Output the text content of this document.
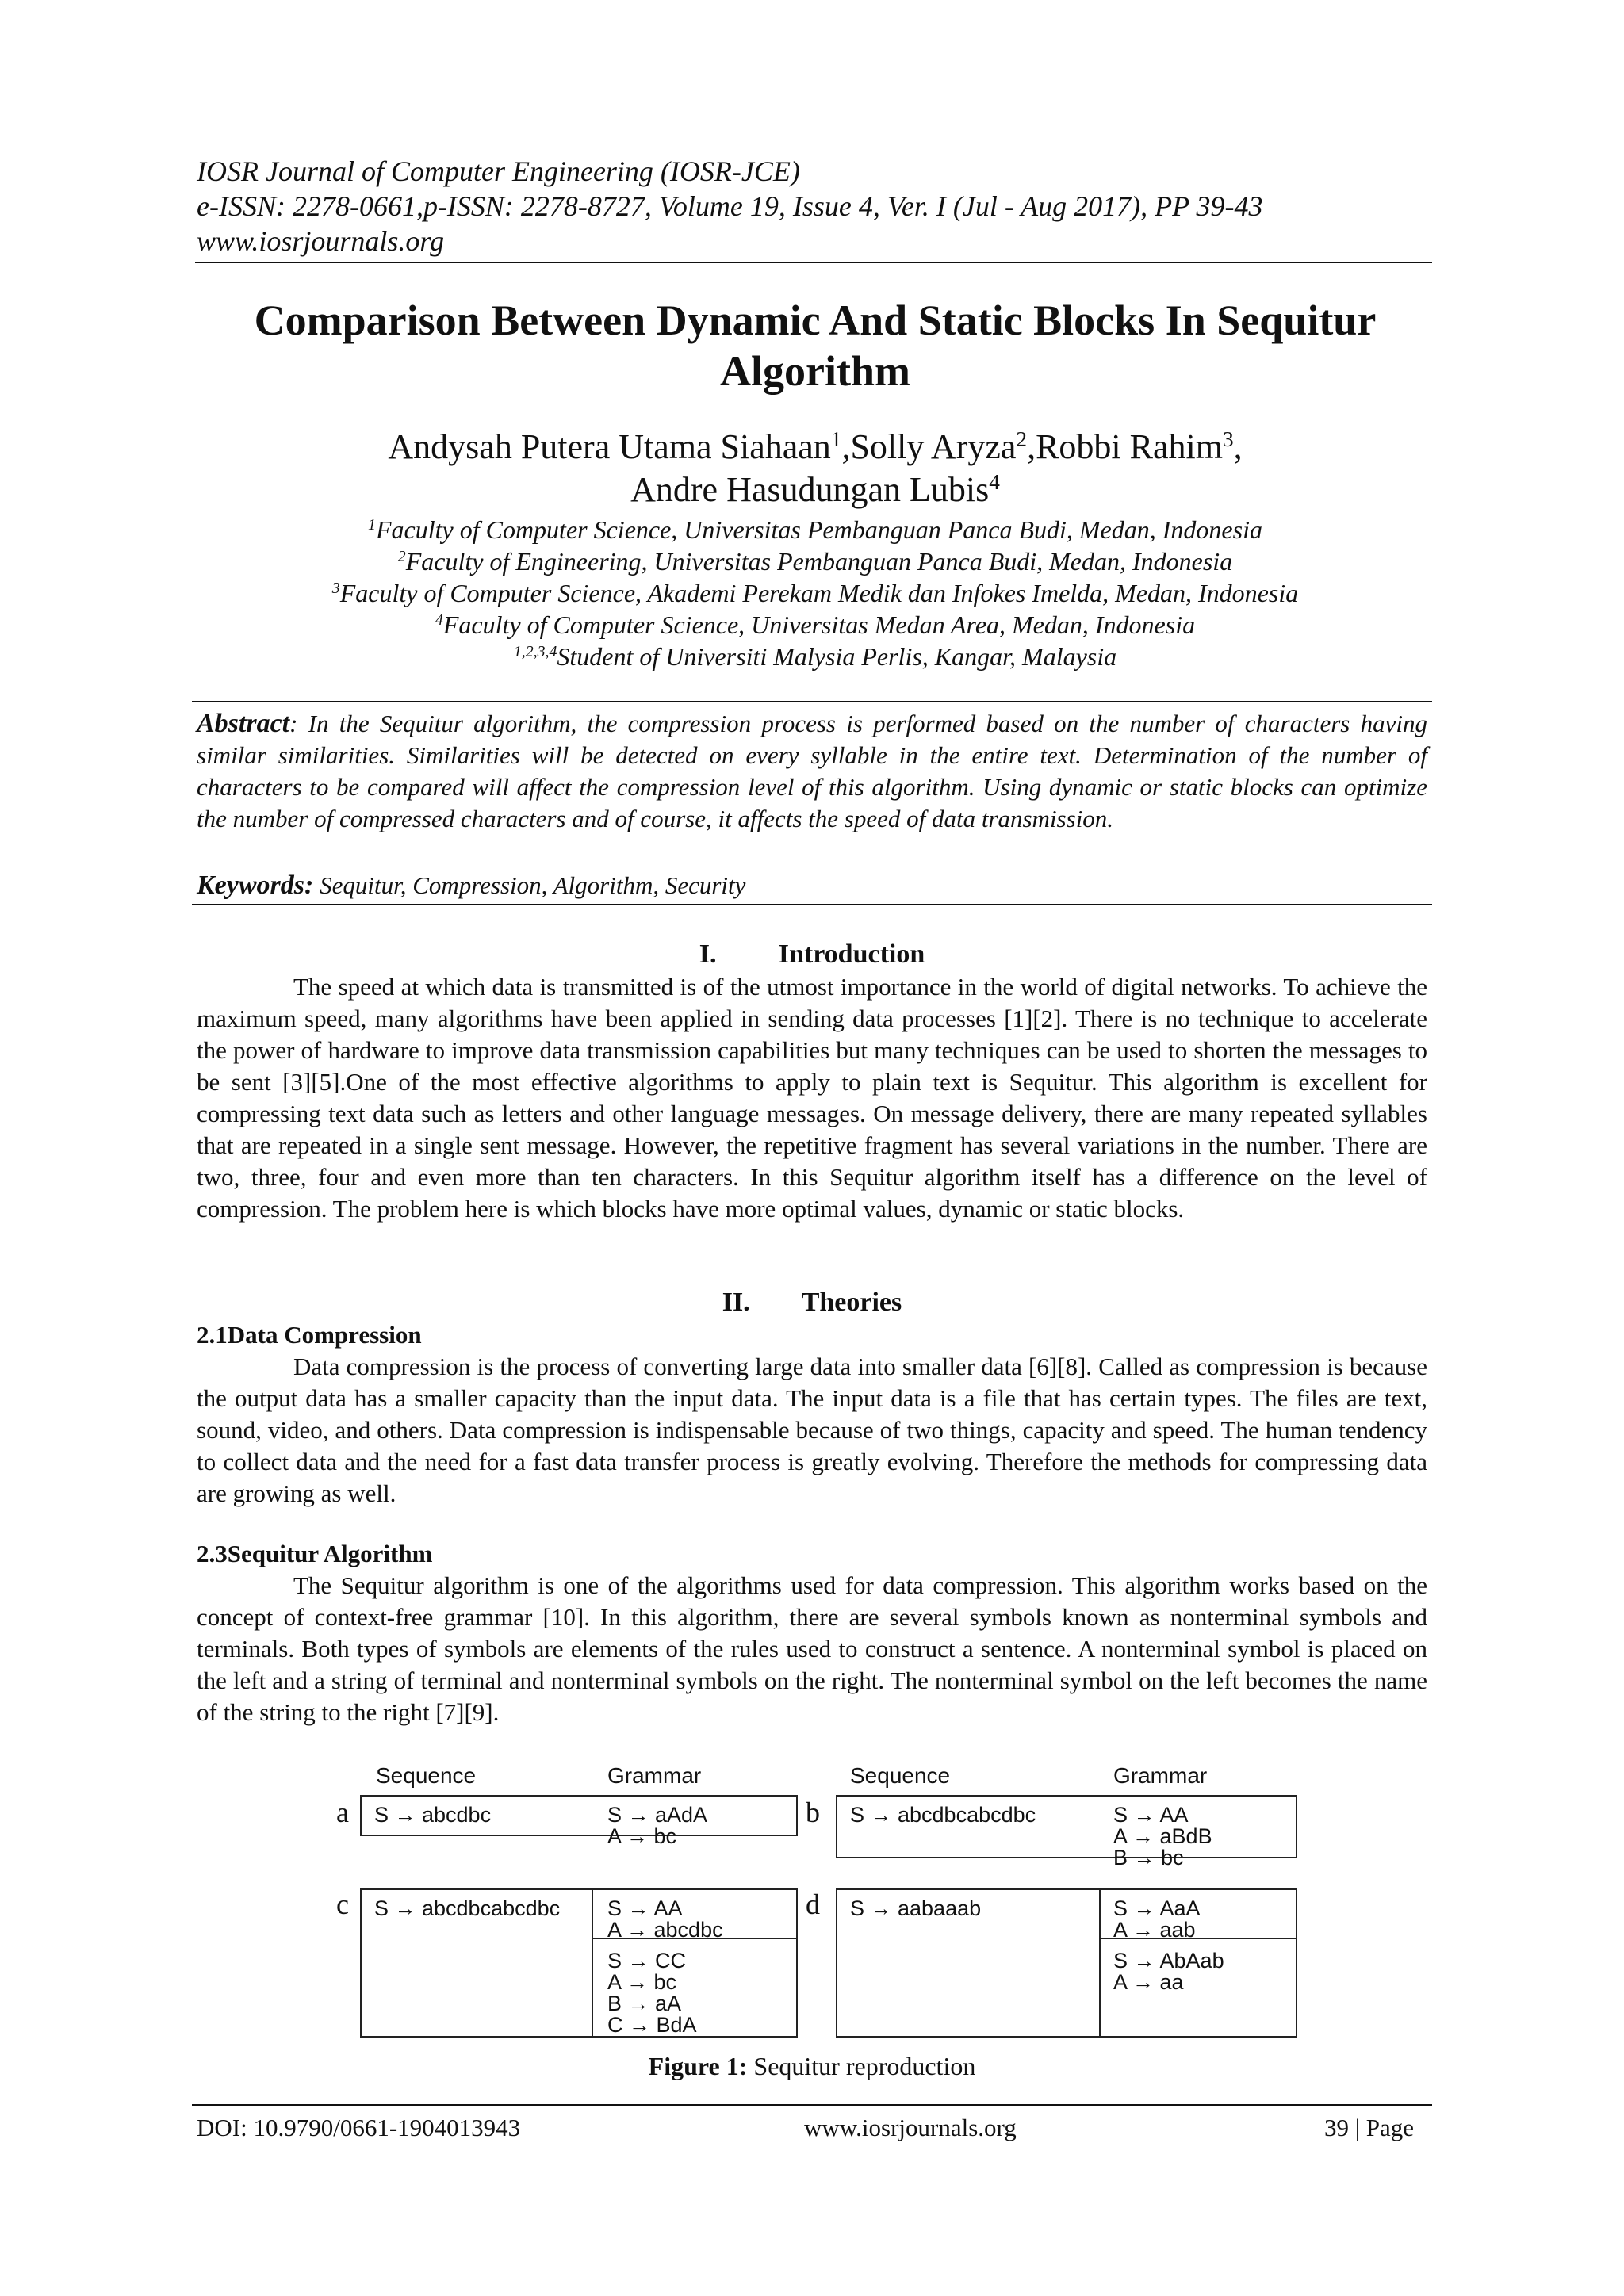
IOSR Journal of Computer Engineering (IOSR-JCE)
e-ISSN: 2278-0661,p-ISSN: 2278-8727, Volume 19, Issue 4, Ver. I (Jul - Aug 2017), PP 39-43
www.iosrjournals.org
Comparison Between Dynamic And Static Blocks In Sequitur Algorithm
Andysah Putera Utama Siahaan$^1$,Solly Aryza$^2$,Robbi Rahim$^3$,
Andre Hasudungan Lubis$^4$
$^1$Faculty of Computer Science, Universitas Pembanguan Panca Budi, Medan, Indonesia
$^2$Faculty of Engineering, Universitas Pembanguan Panca Budi, Medan, Indonesia
$^3$Faculty of Computer Science, Akademi Perekam Medik dan Infokes Imelda, Medan, Indonesia
$^4$Faculty of Computer Science, Universitas Medan Area, Medan, Indonesia
$^{1,2,3,4}$Student of Universiti Malysia Perlis, Kangar, Malaysia
Abstract: In the Sequitur algorithm, the compression process is performed based on the number of characters having similar similarities. Similarities will be detected on every syllable in the entire text. Determination of the number of characters to be compared will affect the compression level of this algorithm. Using dynamic or static blocks can optimize the number of compressed characters and of course, it affects the speed of data transmission.
Keywords: Sequitur, Compression, Algorithm, Security
I. Introduction
The speed at which data is transmitted is of the utmost importance in the world of digital networks. To achieve the maximum speed, many algorithms have been applied in sending data processes [1][2]. There is no technique to accelerate the power of hardware to improve data transmission capabilities but many techniques can be used to shorten the messages to be sent [3][5].One of the most effective algorithms to apply to plain text is Sequitur. This algorithm is excellent for compressing text data such as letters and other language messages. On message delivery, there are many repeated syllables that are repeated in a single sent message. However, the repetitive fragment has several variations in the number. There are two, three, four and even more than ten characters. In this Sequitur algorithm itself has a difference on the level of compression. The problem here is which blocks have more optimal values, dynamic or static blocks.
II. Theories
2.1Data Compression
Data compression is the process of converting large data into smaller data [6][8]. Called as compression is because the output data has a smaller capacity than the input data. The input data is a file that has certain types. The files are text, sound, video, and others. Data compression is indispensable because of two things, capacity and speed. The human tendency to collect data and the need for a fast data transfer process is greatly evolving. Therefore the methods for compressing data are growing as well.
2.3Sequitur Algorithm
The Sequitur algorithm is one of the algorithms used for data compression. This algorithm works based on the concept of context-free grammar [10]. In this algorithm, there are several symbols known as nonterminal symbols and terminals. Both types of symbols are elements of the rules used to construct a sentence. A nonterminal symbol is placed on the left and a string of terminal and nonterminal symbols on the right. The nonterminal symbol on the left becomes the name of the string to the right [7][9].
Sequence	Grammar	Sequence	Grammar
a S → abcdbc	S → aAdA
A → bc
b S → abcdbcabcdbc	S → AA
A → aBdB
B → bc
c S → abcdbcabcdbc S → AA
A → abcdbc
S → CC
A → bc
B → aA
C → BdA
d S → aabaaab	S → AaA
A → aab
S → AbAab
A → aa
Figure 1: Sequitur reproduction
DOI: 10.9790/0661-1904013943	www.iosrjournals.org	39 | Page
